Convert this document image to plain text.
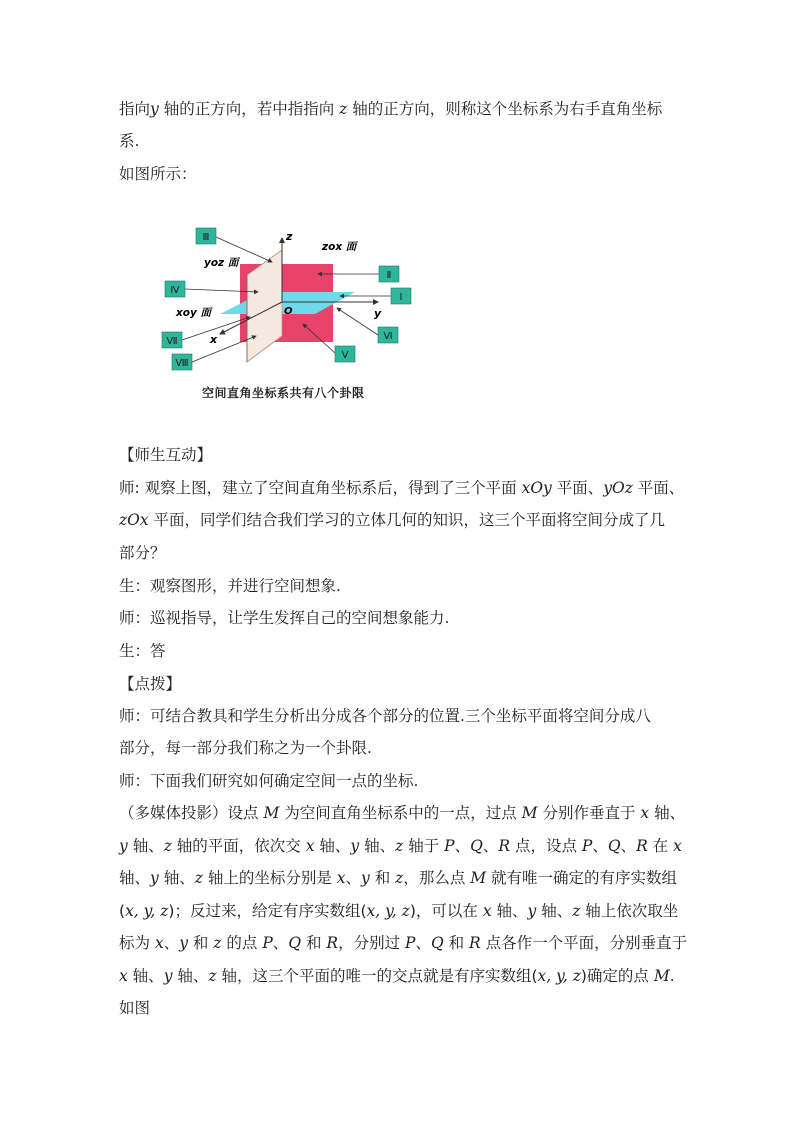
指向y 轴的正方向，若中指指向 z 轴的正方向，则称这个坐标系为右手直角坐标
系.
如图所示：
【师生互动】
师: 观察上图，建立了空间直角坐标系后，得到了三个平面 xOy 平面、yOz 平面、
zOx 平面，同学们结合我们学习的立体几何的知识，这三个平面将空间分成了几
部分？
生：观察图形，并进行空间想象.
师：巡视指导，让学生发挥自己的空间想象能力.
生：答
【点拨】
师：可结合教具和学生分析出分成各个部分的位置.三个坐标平面将空间分成八
部分，每一部分我们称之为一个卦限.
师：下面我们研究如何确定空间一点的坐标.
（多媒体投影）设点 M 为空间直角坐标系中的一点，过点 M 分别作垂直于 x 轴、
y 轴、z 轴的平面，依次交 x 轴、y 轴、z 轴于 P、Q、R 点，设点 P、Q、R 在 x
轴、y 轴、z 轴上的坐标分别是 x、y 和 z，那么点 M 就有唯一确定的有序实数组
(x, y, z)；反过来，给定有序实数组(x, y, z)，可以在 x 轴、y 轴、z 轴上依次取坐
标为 x、y 和 z 的点 P、Q 和 R，分别过 P、Q 和 R 点各作一个平面，分别垂直于
x 轴、y 轴、z 轴，这三个平面的唯一的交点就是有序实数组(x, y, z)确定的点 M.
如图
z
y
x
O
yoz 面
zox 面
xoy 面
Ⅰ
Ⅱ
Ⅲ
Ⅳ
Ⅴ
Ⅵ
Ⅶ
Ⅷ
空间直角坐标系共有八个卦限
